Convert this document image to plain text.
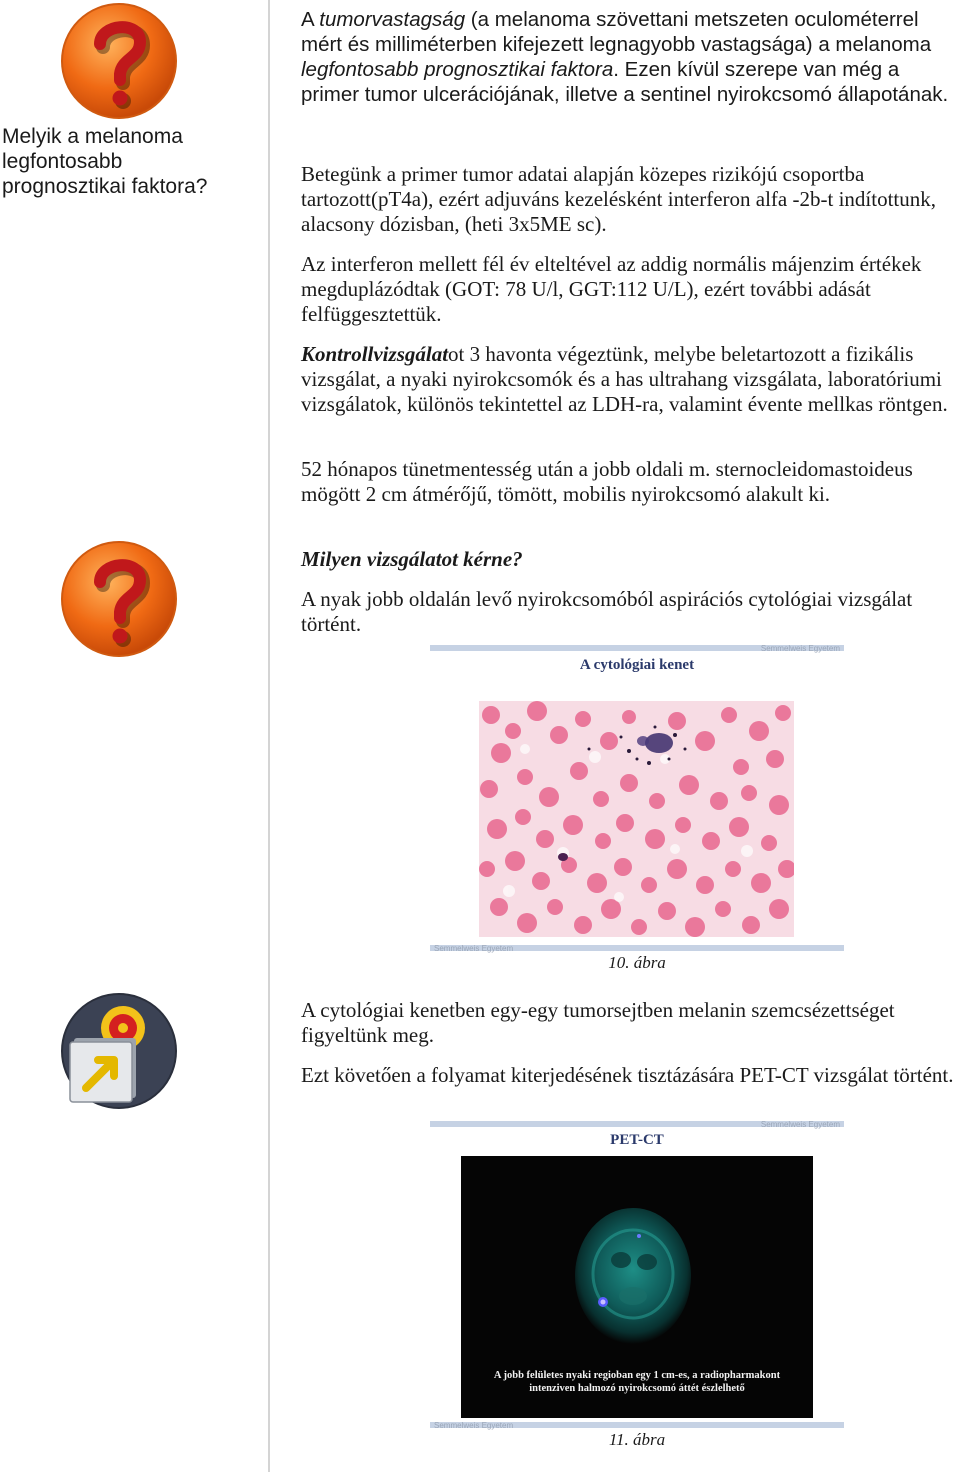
Melyik a melanoma legfontosabb prognosztikai faktora?

A tumorvastagság (a melanoma szövettani metszeten oculométerrel mért és milliméterben kifejezett legnagyobb vastagsága) a melanoma legfontosabb prognosztikai faktora. Ezen kívül szerepe van még a primer tumor ulcerációjának, illetve a sentinel nyirokcsomó állapotának.

Betegünk a primer tumor adatai alapján közepes rizikójú csoportba tartozott(pT4a), ezért adjuváns kezelésként interferon alfa -2b-t indítottunk, alacsony dózisban, (heti 3x5ME sc).

Az interferon mellett fél év elteltével az addig normális májenzim értékek megduplázódtak (GOT: 78 U/l, GGT:112 U/L), ezért további adását felfüggesztettük.

Kontrollvizsgálatot 3 havonta végeztünk, melybe beletartozott a fizikális vizsgálat, a nyaki nyirokcsomók és a has ultrahang vizsgálata, laboratóriumi vizsgálatok, különös tekintettel az LDH-ra, valamint évente mellkas röntgen.

52 hónapos tünetmentesség után a jobb oldali m. sternocleidomastoideus mögött 2 cm átmérőjű, tömött, mobilis nyirokcsomó alakult ki.

Milyen vizsgálatot kérne?

A nyak jobb oldalán levő nyirokcsomóból aspirációs cytológiai vizsgálat történt.

Semmelweis Egyetem
A cytológiai kenet
Semmelweis Egyetem
10. ábra

A cytológiai kenetben egy-egy tumorsejtben melanin szemcsézettséget figyeltünk meg.

Ezt követően a folyamat kiterjedésének tisztázására PET-CT vizsgálat történt.

Semmelweis Egyetem
PET-CT
A jobb felületes nyaki regioban egy 1 cm-es, a radiopharmakont
intenziven halmozó nyirokcsomó áttét észlelhető
Semmelweis Egyetem
11. ábra
